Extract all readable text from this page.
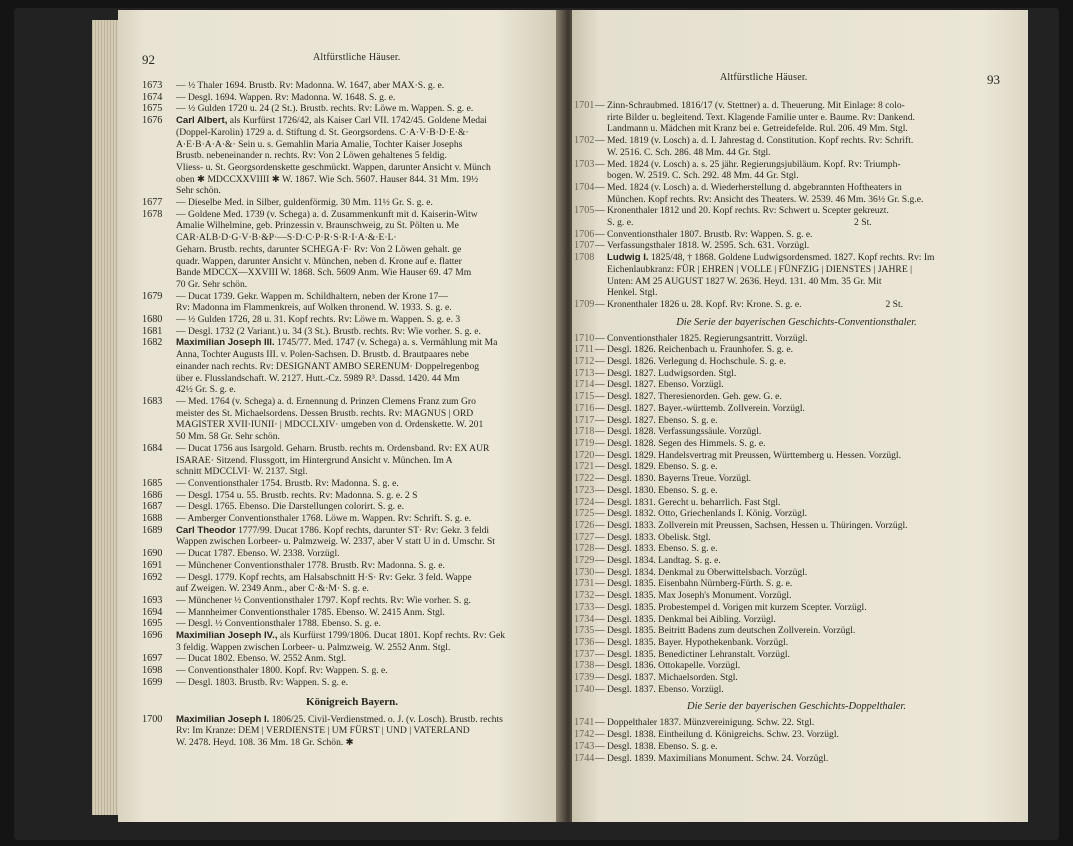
92	Altfürstliche Häuser.
1673	— ½ Thaler 1694. Brustb. Rv: Madonna. W. 1647, aber MAX·S. g. e.
1674	— Desgl. 1694. Wappen. Rv: Madonna. W. 1648. S. g. e.
1675	— ½ Gulden 1720 u. 24 (2 St.). Brustb. rechts. Rv: Löwe m. Wappen. S. g. e.
1676	Carl Albert, als Kurfürst 1726/42, als Kaiser Carl VII. 1742/45. Goldene Medai
(Doppel-Karolin) 1729 a. d. Stiftung d. St. Georgsordens. C·A·V·B·D·E·&·
A·E·B·A·A·&· Sein u. s. Gemahlin Maria Amalie, Tochter Kaiser Josephs
Brustb. nebeneinander n. rechts. Rv: Von 2 Löwen gehaltenes 5 feldig.
Vliess- u. St. Georgsordenskette geschmückt. Wappen, darunter Ansicht v. Münch
oben ✱ MDCCXXVIIII ✱ W. 1867. Wie Sch. 5607. Hauser 844. 31 Mm. 19½
Sehr schön.
1677	— Dieselbe Med. in Silber, guldenförmig. 30 Mm. 11½ Gr. S. g. e.
1678	— Goldene Med. 1739 (v. Schega) a. d. Zusammenkunft mit d. Kaiserin-Witw
Amalie Wilhelmine, geb. Prinzessin v. Braunschweig, zu St. Pölten u. Me
CAR·ALB·D·G·V·B·&P·—S·D·C·P·R·S·R·I·A·&·E·L·
Geharn. Brustb. rechts, darunter SCHEGA·F· Rv: Von 2 Löwen gehalt. ge
quadr. Wappen, darunter Ansicht v. München, neben d. Krone auf e. flatter
Bande MDCCX—XXVIII W. 1868. Sch. 5609 Anm. Wie Hauser 69. 47 Mm
70 Gr. Sehr schön.
1679	— Ducat 1739. Gekr. Wappen m. Schildhaltern, neben der Krone 17—
Rv: Madonna im Flammenkreis, auf Wolken thronend. W. 1933. S. g. e.
1680	— ½ Gulden 1726, 28 u. 31. Kopf rechts. Rv: Löwe m. Wappen. S. g. e. 3
1681	— Desgl. 1732 (2 Variant.) u. 34 (3 St.). Brustb. rechts. Rv: Wie vorher. S. g. e.
1682	Maximilian Joseph III. 1745/77. Med. 1747 (v. Schega) a. s. Vermählung mit Ma
Anna, Tochter Augusts III. v. Polen-Sachsen. D. Brustb. d. Brautpaares nebe
einander nach rechts. Rv: DESIGNANT AMBO SERENUM· Doppelregenbog
über e. Flusslandschaft. W. 2127. Hutt.-Cz. 5989 R³. Dassd. 1420. 44 Mm
42½ Gr. S. g. e.
1683	— Med. 1764 (v. Schega) a. d. Ernennung d. Prinzen Clemens Franz zum Gro
meister des St. Michaelsordens. Dessen Brustb. rechts. Rv: MAGNUS | ORD
MAGISTER XVII·IUNII· | MDCCLXIV· umgeben von d. Ordenskette. W. 201
50 Mm. 58 Gr. Sehr schön.
1684	— Ducat 1756 aus Isargold. Geharn. Brustb. rechts m. Ordensband. Rv: EX AUR
ISARAE· Sitzend. Flussgott, im Hintergrund Ansicht v. München. Im A
schnitt MDCCLVI· W. 2137. Stgl.
1685	— Conventionsthaler 1754. Brustb. Rv: Madonna. S. g. e.
1686	— Desgl. 1754 u. 55. Brustb. rechts. Rv: Madonna. S. g. e. 2 S
1687	— Desgl. 1765. Ebenso. Die Darstellungen colorirt. S. g. e.
1688	— Amberger Conventionsthaler 1768. Löwe m. Wappen. Rv: Schrift. S. g. e.
1689	Carl Theodor 1777/99. Ducat 1786. Kopf rechts, darunter ST· Rv: Gekr. 3 feldi
Wappen zwischen Lorbeer- u. Palmzweig. W. 2337, aber V statt U in d. Umschr. St
1690	— Ducat 1787. Ebenso. W. 2338. Vorzügl.
1691	— Münchener Conventionsthaler 1778. Brustb. Rv: Madonna. S. g. e.
1692	— Desgl. 1779. Kopf rechts, am Halsabschnitt H·S· Rv: Gekr. 3 feld. Wappe
auf Zweigen. W. 2349 Anm., aber C·&·M· S. g. e.
1693	— Münchener ½ Conventionsthaler 1797. Kopf rechts. Rv: Wie vorher. S. g.
1694	— Mannheimer Conventionsthaler 1785. Ebenso. W. 2415 Anm. Stgl.
1695	— Desgl. ½ Conventionsthaler 1788. Ebenso. S. g. e.
1696	Maximilian Joseph IV., als Kurfürst 1799/1806. Ducat 1801. Kopf rechts. Rv: Gek
3 feldig. Wappen zwischen Lorbeer- u. Palmzweig. W. 2552 Anm. Stgl.
1697	— Ducat 1802. Ebenso. W. 2552 Anm. Stgl.
1698	— Conventionsthaler 1800. Kopf. Rv: Wappen. S. g. e.
1699	— Desgl. 1803. Brustb. Rv: Wappen. S. g. e.
Königreich Bayern.
1700	Maximilian Joseph I. 1806/25. Civil-Verdienstmed. o. J. (v. Losch). Brustb. rechts
Rv: Im Kranze: DEM | VERDIENSTE | UM FÜRST | UND | VATERLAND
W. 2478. Heyd. 108. 36 Mm. 18 Gr. Schön. ✱
Altfürstliche Häuser.	93
1701 — Zinn-Schraubmed. 1816/17 (v. Stettner) a. d. Theuerung. Mit Einlage: 8 colo-
rirte Bilder u. begleitend. Text. Klagende Familie unter e. Baume. Rv: Dankend.
Landmann u. Mädchen mit Kranz bei e. Getreidefelde. Rul. 206. 49 Mm. Stgl.
1702 — Med. 1819 (v. Losch) a. d. I. Jahrestag d. Constitution. Kopf rechts. Rv: Schrift.
W. 2516. C. Sch. 286. 48 Mm. 44 Gr. Stgl.
1703 — Med. 1824 (v. Losch) a. s. 25 jähr. Regierungsjubiläum. Kopf. Rv: Triumph-
bogen. W. 2519. C. Sch. 292. 48 Mm. 44 Gr. Stgl.
1704 — Med. 1824 (v. Losch) a. d. Wiederherstellung d. abgebrannten Hoftheaters in
München. Kopf rechts. Rv: Ansicht des Theaters. W. 2539. 46 Mm. 36½ Gr. S.g.e.
1705 — Kronenthaler 1812 und 20. Kopf rechts. Rv: Schwert u. Scepter gekreuzt.
S. g. e.                                                                                            2 St.
1706 — Conventionsthaler 1807. Brustb. Rv: Wappen. S. g. e.
1707 — Verfassungsthaler 1818. W. 2595. Sch. 631. Vorzügl.
1708 Ludwig I. 1825/48, † 1868. Goldene Ludwigsordensmed. 1827. Kopf rechts. Rv: Im
Eichenlaubkranz: FÜR | EHREN | VOLLE | FÜNFZIG | DIENSTES | JAHRE |
Unten: AM 25 AUGUST 1827 W. 2636. Heyd. 131. 40 Mm. 35 Gr. Mit
Henkel. Stgl.
1709 — Kronenthaler 1826 u. 28. Kopf. Rv: Krone. S. g. e.                                   2 St.
Die Serie der bayerischen Geschichts-Conventionsthaler.
1710 — Conventionsthaler 1825. Regierungsantritt. Vorzügl.
1711 — Desgl. 1826. Reichenbach u. Fraunhofer. S. g. e.
1712 — Desgl. 1826. Verlegung d. Hochschule. S. g. e.
1713 — Desgl. 1827. Ludwigsorden. Stgl.
1714 — Desgl. 1827. Ebenso. Vorzügl.
1715 — Desgl. 1827. Theresienorden. Geh. gew. G. e.
1716 — Desgl. 1827. Bayer.-württemb. Zollverein. Vorzügl.
1717 — Desgl. 1827. Ebenso. S. g. e.
1718 — Desgl. 1828. Verfassungssäule. Vorzügl.
1719 — Desgl. 1828. Segen des Himmels. S. g. e.
1720 — Desgl. 1829. Handelsvertrag mit Preussen, Württemberg u. Hessen. Vorzügl.
1721 — Desgl. 1829. Ebenso. S. g. e.
1722 — Desgl. 1830. Bayerns Treue. Vorzügl.
1723 — Desgl. 1830. Ebenso. S. g. e.
1724 — Desgl. 1831. Gerecht u. beharrlich. Fast Stgl.
1725 — Desgl. 1832. Otto, Griechenlands I. König. Vorzügl.
1726 — Desgl. 1833. Zollverein mit Preussen, Sachsen, Hessen u. Thüringen. Vorzügl.
1727 — Desgl. 1833. Obelisk. Stgl.
1728 — Desgl. 1833. Ebenso. S. g. e.
1729 — Desgl. 1834. Landtag. S. g. e.
1730 — Desgl. 1834. Denkmal zu Oberwittelsbach. Vorzügl.
1731 — Desgl. 1835. Eisenbahn Nürnberg-Fürth. S. g. e.
1732 — Desgl. 1835. Max Joseph's Monument. Vorzügl.
1733 — Desgl. 1835. Probestempel d. Vorigen mit kurzem Scepter. Vorzügl.
1734 — Desgl. 1835. Denkmal bei Aibling. Vorzügl.
1735 — Desgl. 1835. Beitritt Badens zum deutschen Zollverein. Vorzügl.
1736 — Desgl. 1835. Bayer. Hypothekenbank. Vorzügl.
1737 — Desgl. 1835. Benedictiner Lehranstalt. Vorzügl.
1738 — Desgl. 1836. Ottokapelle. Vorzügl.
1739 — Desgl. 1837. Michaelsorden. Stgl.
1740 — Desgl. 1837. Ebenso. Vorzügl.
Die Serie der bayerischen Geschichts-Doppelthaler.
1741 — Doppelthaler 1837. Münzvereinigung. Schw. 22. Stgl.
1742 — Desgl. 1838. Eintheilung d. Königreichs. Schw. 23. Vorzügl.
1743 — Desgl. 1838. Ebenso. S. g. e.
1744 — Desgl. 1839. Maximilians Monument. Schw. 24. Vorzügl.
